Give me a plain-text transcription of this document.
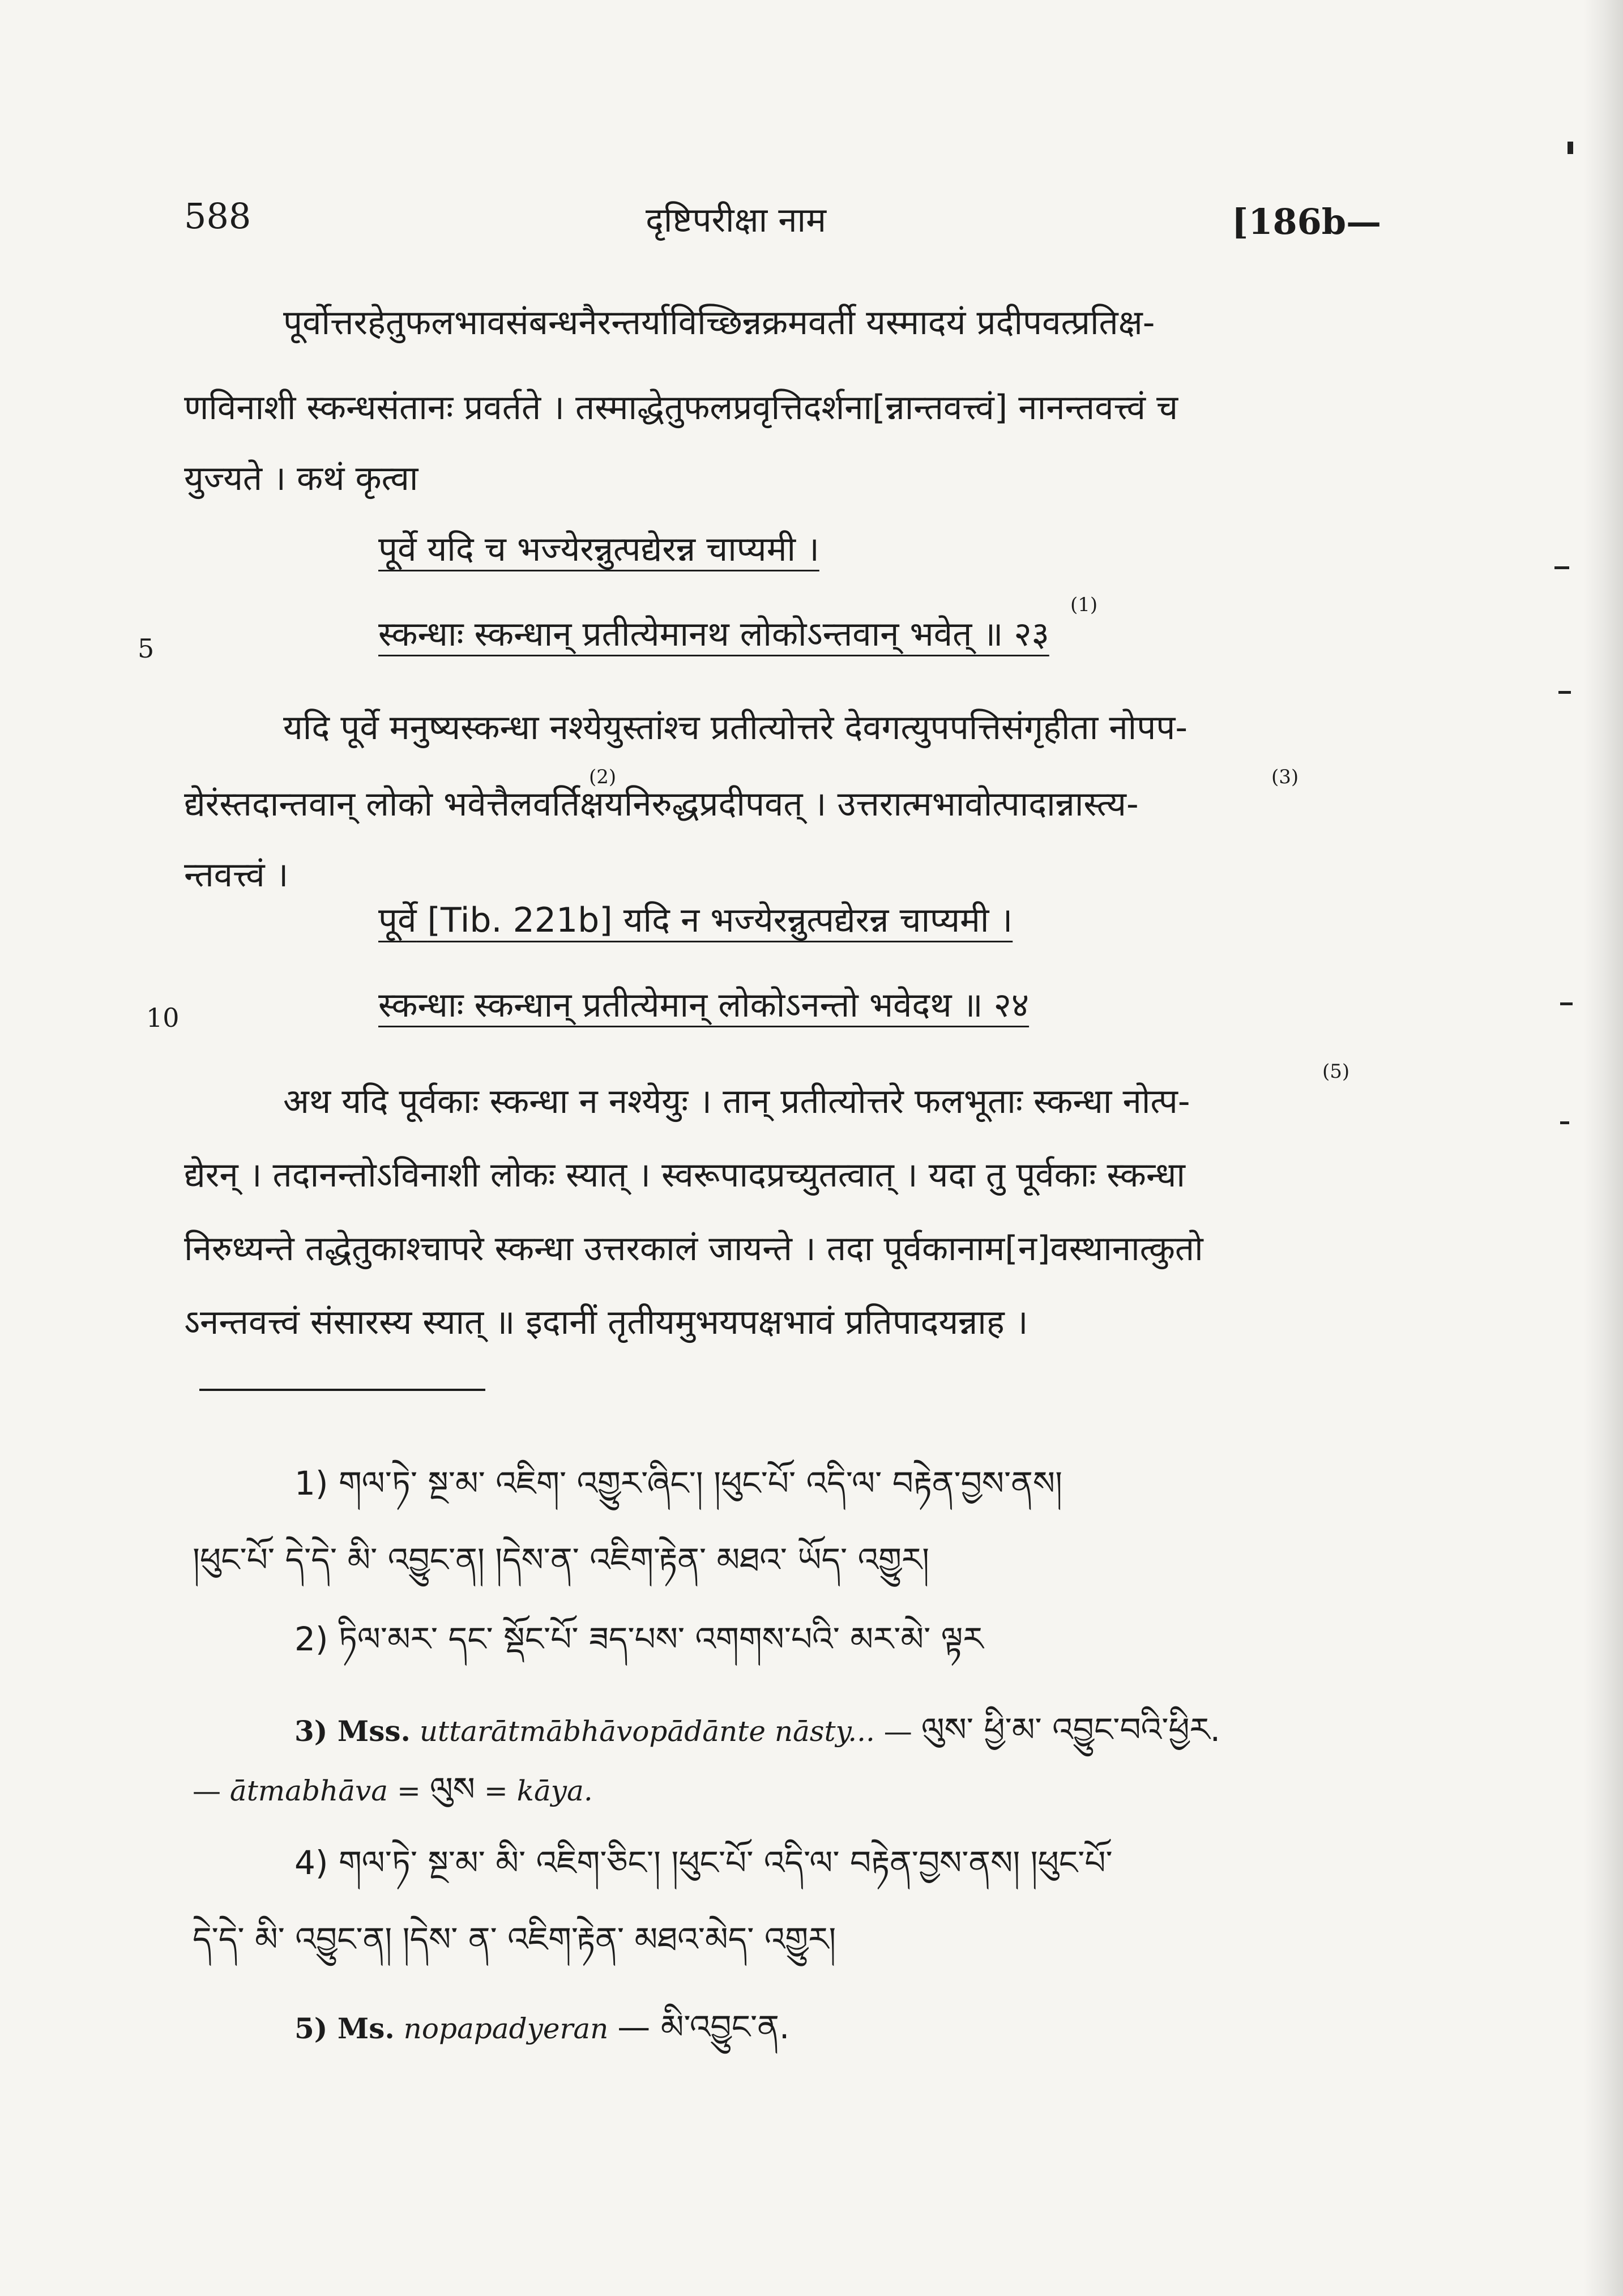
588	दृष्टिपरीक्षा नाम	[186b—
पूर्वोत्तरहेतुफलभावसंबन्धनैरन्तर्याविच्छिन्नक्रमवर्ती यस्मादयं प्रदीपवत्प्रतिक्ष-
णविनाशी स्कन्धसंतानः प्रवर्तते । तस्माद्धेतुफलप्रवृत्तिदर्शना[न्नान्तवत्त्वं] नानन्तवत्त्वं च
युज्यते । कथं कृत्वा
पूर्वे यदि च भज्येरन्नुत्पद्येरन्न चाप्यमी ।
स्कन्धाः स्कन्धान् प्रतीत्येमानथ लोकोऽन्तवान् भवेत् ॥ २३
(1)
5
यदि पूर्वे मनुष्यस्कन्धा नश्येयुस्तांश्च प्रतीत्योत्तरे देवगत्युपपत्तिसंगृहीता नोपप-
द्येरंस्तदान्तवान् लोको भवेत्तैलवर्तिक्षयनिरुद्धप्रदीपवत् । उत्तरात्मभावोत्पादान्नास्त्य-
(2)	(3)
न्तवत्त्वं ।
पूर्वे [Tib. 221b] यदि न भज्येरन्नुत्पद्येरन्न चाप्यमी ।
स्कन्धाः स्कन्धान् प्रतीत्येमान् लोकोऽनन्तो भवेदथ ॥ २४
10
अथ यदि पूर्वकाः स्कन्धा न नश्येयुः । तान् प्रतीत्योत्तरे फलभूताः स्कन्धा नोत्प-
(5)
द्येरन् । तदानन्तोऽविनाशी लोकः स्यात् । स्वरूपादप्रच्युतत्वात् । यदा तु पूर्वकाः स्कन्धा
निरुध्यन्ते तद्धेतुकाश्चापरे स्कन्धा उत्तरकालं जायन्ते । तदा पूर्वकानाम[न]वस्थानात्कुतो
ऽनन्तवत्त्वं संसारस्य स्यात् ॥ इदानीं तृतीयमुभयपक्षभावं प्रतिपादयन्नाह ।
1) གལ་ཏེ་ སྔ་མ་ འཇིག་ འགྱུར་ཞིང་། །ཕུང་པོ་ འདི་ལ་ བརྟེན་བྱས་ནས།
།ཕུང་པོ་ དེ་དེ་ མི་ འབྱུང་ན། །དེས་ན་ འཇིག་རྟེན་ མཐའ་ ཡོད་ འགྱུར།
2) ཏིལ་མར་ དང་ སྡོང་པོ་ ཟད་པས་ འགགས་པའི་ མར་མེ་ ལྟར
3) Mss. uttarātmābhāvopādānte nāsty... — ལུས་ ཕྱི་མ་ འབྱུང་བའི་ཕྱིར.
— ātmabhāva = ལུས = kāya.
4) གལ་ཏེ་ སྔ་མ་ མི་ འཇིག་ཅིང་། །ཕུང་པོ་ འདི་ལ་ བརྟེན་བྱས་ནས། །ཕུང་པོ་
དེ་དེ་ མི་ འབྱུང་ན། །དེས་ ན་ འཇིག་རྟེན་ མཐའ་མེད་ འགྱུར།
5) Ms. nopapadyeran — མི་འབྱུང་ན.
